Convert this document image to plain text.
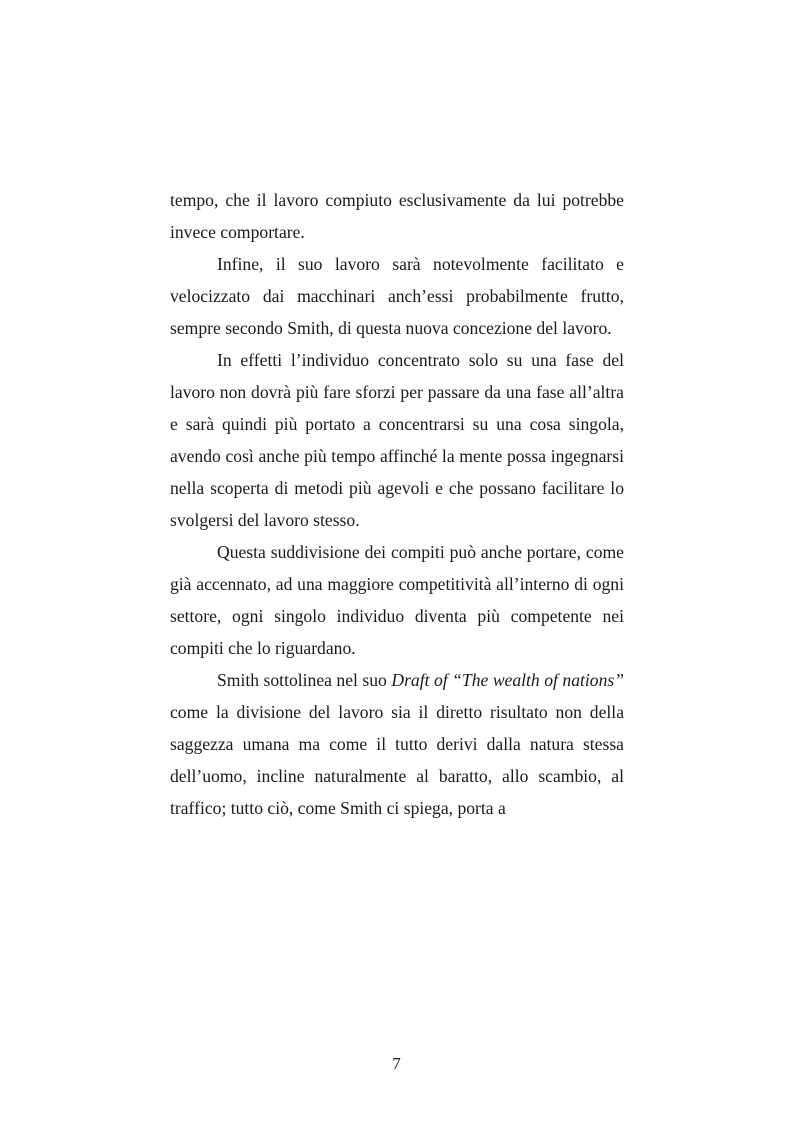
tempo, che il lavoro compiuto esclusivamente da lui potrebbe invece comportare.

Infine, il suo lavoro sarà notevolmente facilitato e velocizzato dai macchinari anch’essi probabilmente frutto, sempre secondo Smith, di questa nuova concezione del lavoro.

In effetti l’individuo concentrato solo su una fase del lavoro non dovrà più fare sforzi per passare da una fase all’altra e sarà quindi più portato a concentrarsi su una cosa singola, avendo così anche più tempo affinché la mente possa ingegnarsi nella scoperta di metodi più agevoli e che possano facilitare lo svolgersi del lavoro stesso.

Questa suddivisione dei compiti può anche portare, come già accennato, ad una maggiore competitività all’interno di ogni settore, ogni singolo individuo diventa più competente nei compiti che lo riguardano.

Smith sottolinea nel suo Draft of “The wealth of nations” come la divisione del lavoro sia il diretto risultato non della saggezza umana ma come il tutto derivi dalla natura stessa dell’uomo, incline naturalmente al baratto, allo scambio, al traffico; tutto ciò, come Smith ci spiega, porta a

7
